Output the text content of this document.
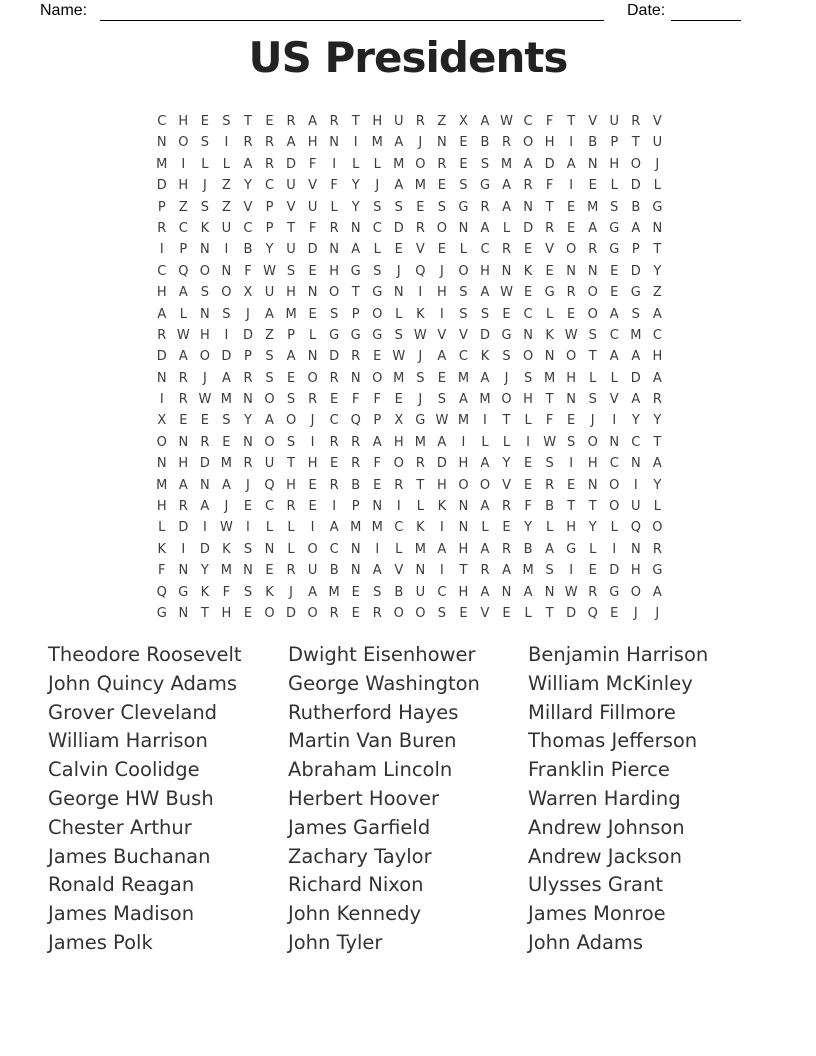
Name:	Date:
US Presidents
C H E	S	T	E R A R	T H U R Z X A W C	F	T	V U R V
N O S	I	R R A H N	I	M A	J	N E B R O H	I	B	P	T U
M	I	L	L	A R D F	I	L	L M O R E	S M A D A N H O	J
D H	J	Z	Y	C U V	F	Y	J	A M E	S G A R	F	I	E	L D L
P	Z S Z V	P	V U	L	Y	S	S	E	S G R A N T	E M S B G
R C K U C	P	T	F	R N C D R O N A	L D R E A G A N
I	P N	I	B	Y U D N A	L	E V E	L	C R E V O R G P	T
C Q O N F W S	E H G S	J	Q	J	O H N K	E N N E D Y
H A S O X U H N O T G N	I	H S A W E G R O E G Z
A	L	N S	J	A M E	S	P O L	K	I	S	S	E C	L	E O A S A
R W H	I	D Z	P	L G G G S W V V D G N K W S C M C
D A O D P	S A N D R E W	J	A C K	S O N O T	A A H
N R	J	A R S	E O R N O M S	E M A	J	S M H	L	L D A
I	R W M N O S R E	F	F	E	J	S A M O H T N S V A R
X E	E	S	Y	A O	J	C Q P	X G W M	I	T	L	F	E	J	I	Y	Y
O N R E N O S	I	R R A H M A	I	L	L	I	W S O N C	T
N H D M R U T H E R	F O R D H A	Y	E	S	I	H C N A
M A N A	J	Q H E R B E R	T H O O V E R E N O	I	Y
H R A	J	E C R E	I	P N	I	L	K N A R	F	B	T	T O U	L
L D	I	W	I	L	L	I	A M M C K	I	N	L	E	Y	L	H Y	L Q O
K	I	D K	S N	L O C N	I	L M A H A R B A G L	I	N R
F N Y M N E R U B N A V N	I	T	R A M S	I	E D H G
Q G K	F	S	K	J	A M E	S B U C H A N A N W R G O A
G N T H E O D O R E R O O S	E V E	L	T D Q E	J	J
Theodore Roosevelt
John Quincy Adams
Grover Cleveland
William Harrison
Calvin Coolidge
George HW Bush
Chester Arthur
James Buchanan
Ronald Reagan
James Madison
James Polk
Dwight Eisenhower
George Washington
Rutherford Hayes
Martin Van Buren
Abraham Lincoln
Herbert Hoover
James Garfield
Zachary Taylor
Richard Nixon
John Kennedy
John Tyler
Benjamin Harrison
William McKinley
Millard Fillmore
Thomas Jefferson
Franklin Pierce
Warren Harding
Andrew Johnson
Andrew Jackson
Ulysses Grant
James Monroe
John Adams
